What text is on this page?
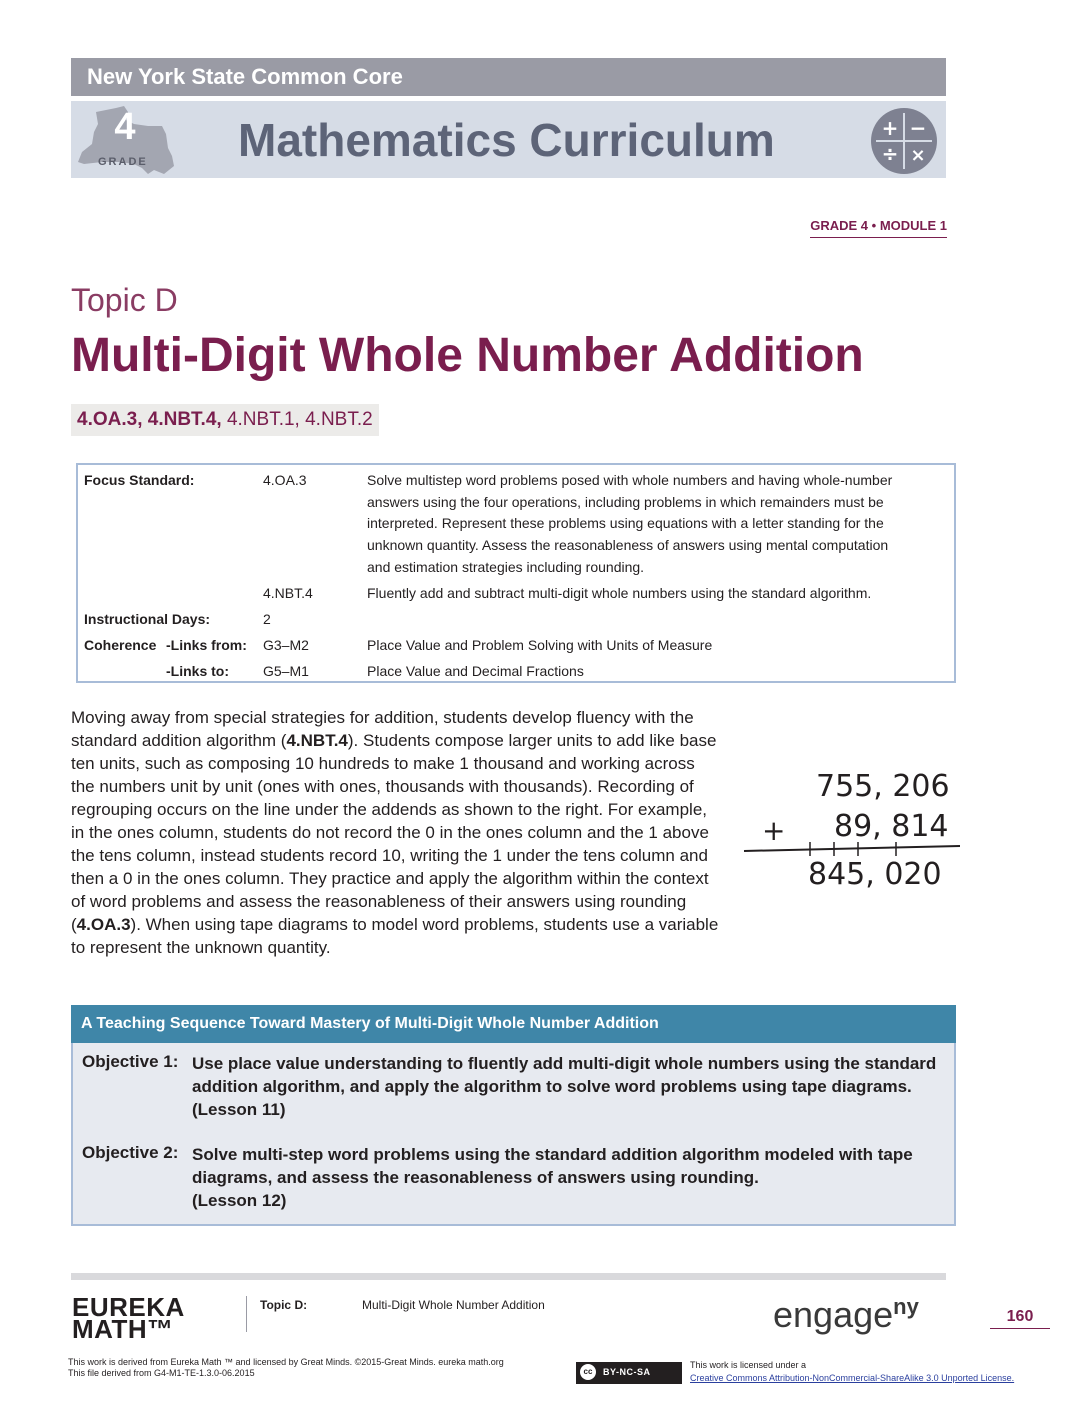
New York State Common Core
4
GRADE Mathematics Curriculum	+ −
÷ ×
GRADE 4 • MODULE 1
Topic D
Multi-Digit Whole Number Addition
4.OA.3, 4.NBT.4, 4.NBT.1, 4.NBT.2
Focus Standard:	4.OA.3	Solve multistep word problems posed with whole numbers and having whole-number
answers using the four operations, including problems in which remainders must be
interpreted. Represent these problems using equations with a letter standing for the
unknown quantity. Assess the reasonableness of answers using mental computation
and estimation strategies including rounding.
4.NBT.4	Fluently add and subtract multi-digit whole numbers using the standard algorithm.
Instructional Days:	2
Coherence -Links from: G3–M2	Place Value and Problem Solving with Units of Measure
-Links to: G5–M1	Place Value and Decimal Fractions
Moving away from special strategies for addition, students develop fluency with the standard addition algorithm (4.NBT.4). Students compose larger units to add like base ten units, such as composing 10 hundreds to make 1 thousand and working across the numbers unit by unit (ones with ones, thousands with thousands). Recording of regrouping occurs on the line under the addends as shown to the right. For example, in the ones column, students do not record the 0 in the ones column and the 1 above the tens column, instead students record 10, writing the 1 under the tens column and then a 0 in the ones column. They practice and apply the algorithm within the context of word problems and assess the reasonableness of their answers using rounding (4.OA.3). When using tape diagrams to model word problems, students use a variable to represent the unknown quantity.
755, 206
+ 89, 814
845, 020
A Teaching Sequence Toward Mastery of Multi-Digit Whole Number Addition
Objective 1: Use place value understanding to fluently add multi-digit whole numbers using the standard
addition algorithm, and apply the algorithm to solve word problems using tape diagrams.
(Lesson 11)
Objective 2: Solve multi-step word problems using the standard addition algorithm modeled with tape
diagrams, and assess the reasonableness of answers using rounding.
(Lesson 12)
EUREKA
MATH™
Topic D:	Multi-Digit Whole Number Addition	engage$^{ny}$	160
This work is derived from Eureka Math ™ and licensed by Great Minds. ©2015-Great Minds. eureka math.org
This file derived from G4-M1-TE-1.3.0-06.2015	BY-NC-SA
cc
This work is licensed under a
Creative Commons Attribution-NonCommercial-ShareAlike 3.0 Unported License.
